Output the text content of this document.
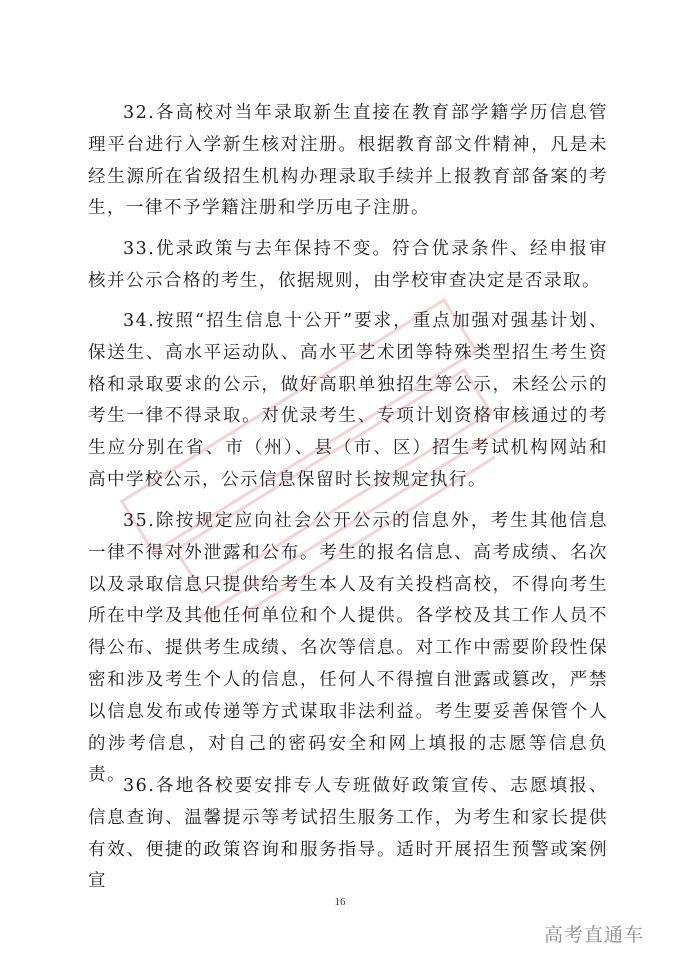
32.各高校对当年录取新生直接在教育部学籍学历信息管理平台进行入学新生核对注册。根据教育部文件精神，凡是未经生源所在省级招生机构办理录取手续并上报教育部备案的考生，一律不予学籍注册和学历电子注册。

33.优录政策与去年保持不变。符合优录条件、经申报审核并公示合格的考生，依据规则，由学校审查决定是否录取。

34.按照“招生信息十公开”要求，重点加强对强基计划、保送生、高水平运动队、高水平艺术团等特殊类型招生考生资格和录取要求的公示，做好高职单独招生等公示，未经公示的考生一律不得录取。对优录考生、专项计划资格审核通过的考生应分别在省、市（州）、县（市、区）招生考试机构网站和高中学校公示，公示信息保留时长按规定执行。

35.除按规定应向社会公开公示的信息外，考生其他信息一律不得对外泄露和公布。考生的报名信息、高考成绩、名次以及录取信息只提供给考生本人及有关投档高校，不得向考生所在中学及其他任何单位和个人提供。各学校及其工作人员不得公布、提供考生成绩、名次等信息。对工作中需要阶段性保密和涉及考生个人的信息，任何人不得擅自泄露或篡改，严禁以信息发布或传递等方式谋取非法利益。考生要妥善保管个人的涉考信息，对自己的密码安全和网上填报的志愿等信息负责。

36.各地各校要安排专人专班做好政策宣传、志愿填报、信息查询、温馨提示等考试招生服务工作，为考生和家长提供有效、便捷的政策咨询和服务指导。适时开展招生预警或案例宣

16
高考直通车
